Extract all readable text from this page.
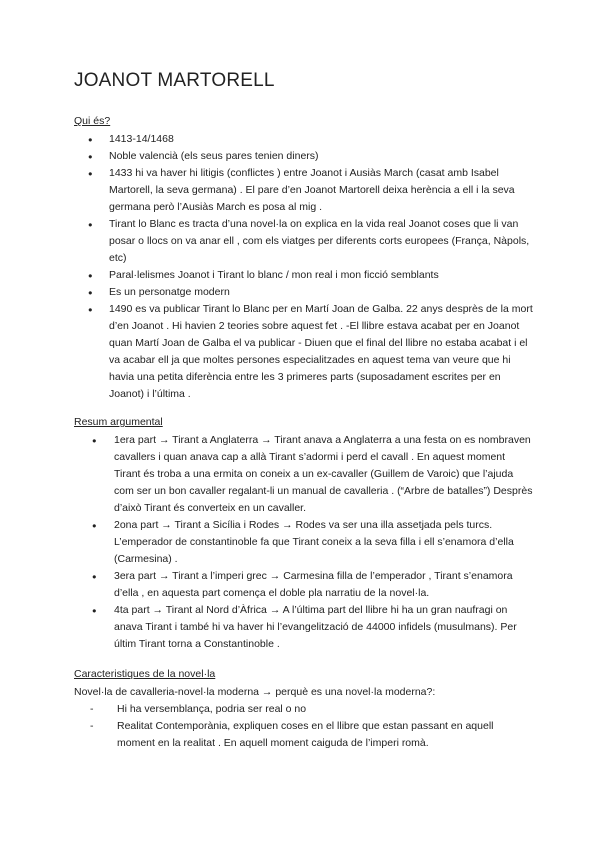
JOANOT MARTORELL
Qui és?
● 1413-14/1468
● Noble valencià (els seus pares tenien diners)
● 1433 hi va haver hi litigis (conflictes ) entre Joanot i Ausiàs March (casat amb Isabel Martorell, la seva germana) . El pare d’en Joanot Martorell deixa herència a ell i la seva germana però l’Ausiàs March es posa al mig .
● Tirant lo Blanc es tracta d’una novel·la on explica en la vida real Joanot coses que li van posar o llocs on va anar ell , com els viatges per diferents corts europees (França, Nàpols, etc)
● Paral·lelismes Joanot i Tirant lo blanc / mon real i mon ficció semblants
● Es un personatge modern
● 1490 es va publicar Tirant lo Blanc per en Martí Joan de Galba. 22 anys desprès de la mort d’en Joanot . Hi havien 2 teories sobre aquest fet . -El llibre estava acabat per en Joanot quan Martí Joan de Galba el va publicar - Diuen que el final del llibre no estaba acabat i el va acabar ell ja que moltes persones especialitzades en aquest tema van veure que hi havia una petita diferència entre les 3 primeres parts (suposadament escrites per en Joanot) i l’última .
Resum argumental
● 1era part → Tirant a Anglaterra → Tirant anava a Anglaterra a una festa on es nombraven cavallers i quan anava cap a allà Tirant s’adormi i perd el cavall . En aquest moment Tirant és troba a una ermita on coneix a un ex-cavaller (Guillem de Varoic) que l’ajuda com ser un bon cavaller regalant-li un manual de cavalleria . (“Arbre de batalles”) Desprès d’això Tirant és converteix en un cavaller.
● 2ona part → Tirant a Sicília i Rodes → Rodes va ser una illa assetjada pels turcs. L’emperador de constantinoble fa que Tirant coneix a la seva filla i ell s’enamora d’ella (Carmesina) .
● 3era part → Tirant a l’imperi grec → Carmesina filla de l’emperador , Tirant s’enamora d’ella , en aquesta part comença el doble pla narratiu de la novel·la.
● 4ta part → Tirant al Nord d’Àfrica → A l’última part del llibre hi ha un gran naufragi on anava Tirant i també hi va haver hi l’evangelització de 44000 infidels (musulmans). Per últim Tirant torna a Constantinoble .
Caracteristiques de la novel·la

Novel·la de cavalleria-novel·la moderna → perquè es una novel·la moderna?:

- Hi ha versemblança, podria ser real o no
- Realitat Contemporània, expliquen coses en el llibre que estan passant en aquell moment en la realitat . En aquell moment caiguda de l’imperi romà.
